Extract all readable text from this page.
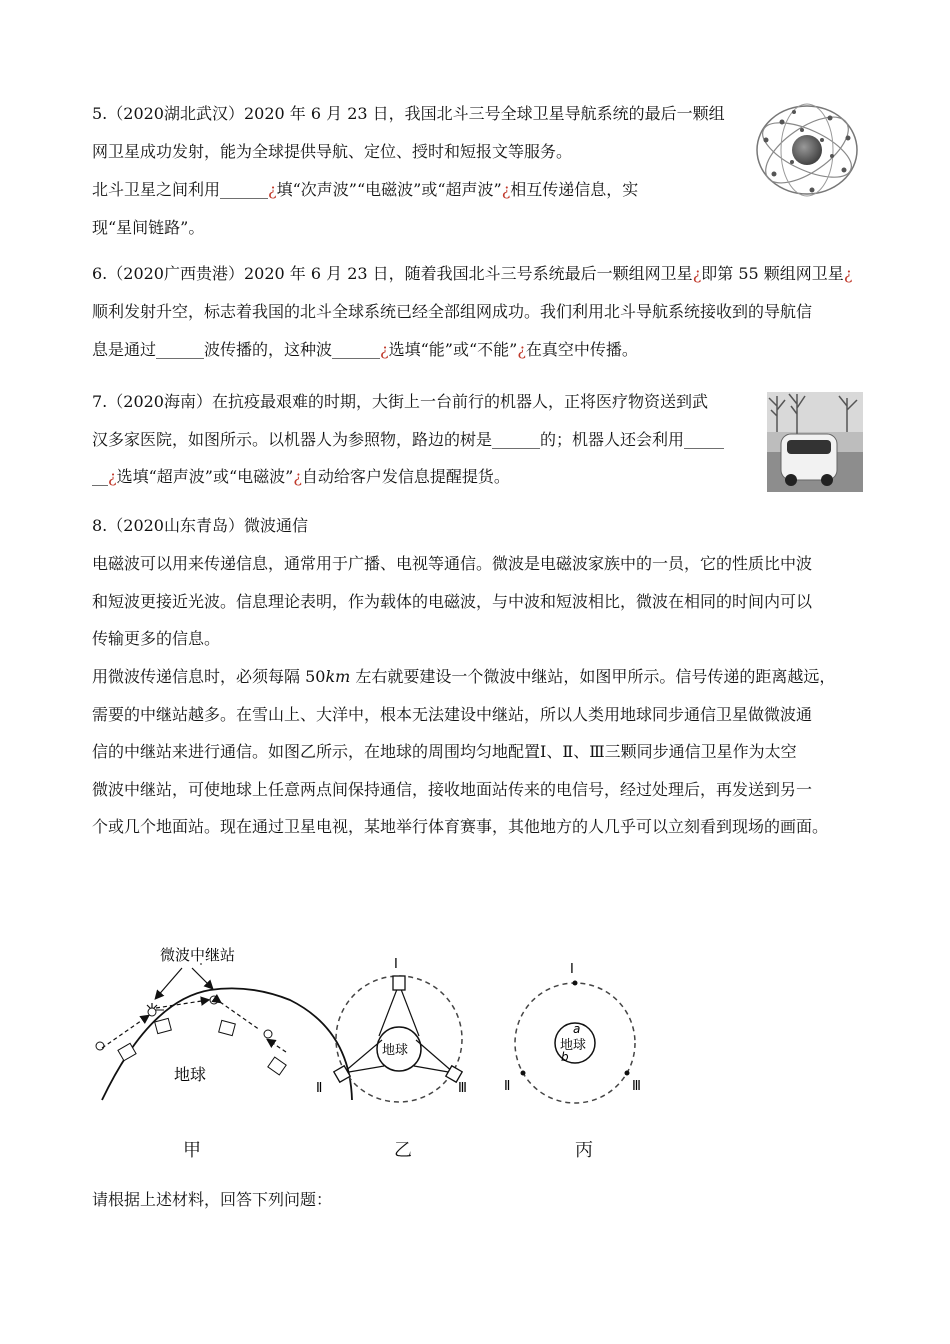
5.（2020湖北武汉）2020 年 6 月 23 日，我国北斗三号全球卫星导航系统的最后一颗组
网卫星成功发射，能为全球提供导航、定位、授时和短报文等服务。
北斗卫星之间利用______¿填“次声波”“电磁波”或“超声波”¿相互传递信息，实
现“星间链路”。
6.（2020广西贵港）2020 年 6 月 23 日，随着我国北斗三号系统最后一颗组网卫星¿即第 55 颗组网卫星¿
顺利发射升空，标志着我国的北斗全球系统已经全部组网成功。我们利用北斗导航系统接收到的导航信
息是通过______波传播的，这种波______¿选填“能”或“不能”¿在真空中传播。
7.（2020海南）在抗疫最艰难的时期，大街上一台前行的机器人，正将医疗物资送到武
汉多家医院，如图所示。以机器人为参照物，路边的树是______的；机器人还会利用_____
__¿选填“超声波”或“电磁波”¿自动给客户发信息提醒提货。
8.（2020山东青岛）微波通信
电磁波可以用来传递信息，通常用于广播、电视等通信。微波是电磁波家族中的一员，它的性质比中波
和短波更接近光波。信息理论表明，作为载体的电磁波，与中波和短波相比，微波在相同的时间内可以
传输更多的信息。
用微波传递信息时，必须每隔 50km 左右就要建设一个微波中继站，如图甲所示。信号传递的距离越远，
需要的中继站越多。在雪山上、大洋中，根本无法建设中继站，所以人类用地球同步通信卫星做微波通
信的中继站来进行通信。如图乙所示，在地球的周围均匀地配置Ⅰ、Ⅱ、Ⅲ三颗同步通信卫星作为太空
微波中继站，可使地球上任意两点间保持通信，接收地面站传来的电信号，经过处理后，再发送到另一
个或几个地面站。现在通过卫星电视，某地举行体育赛事，其他地方的人几乎可以立刻看到现场的画面。
微波中继站
地球
地球
Ⅰ
Ⅱ	Ⅲ
地球
Ⅰ
Ⅱ	Ⅲ
a
b
甲	乙	丙
请根据上述材料，回答下列问题：
